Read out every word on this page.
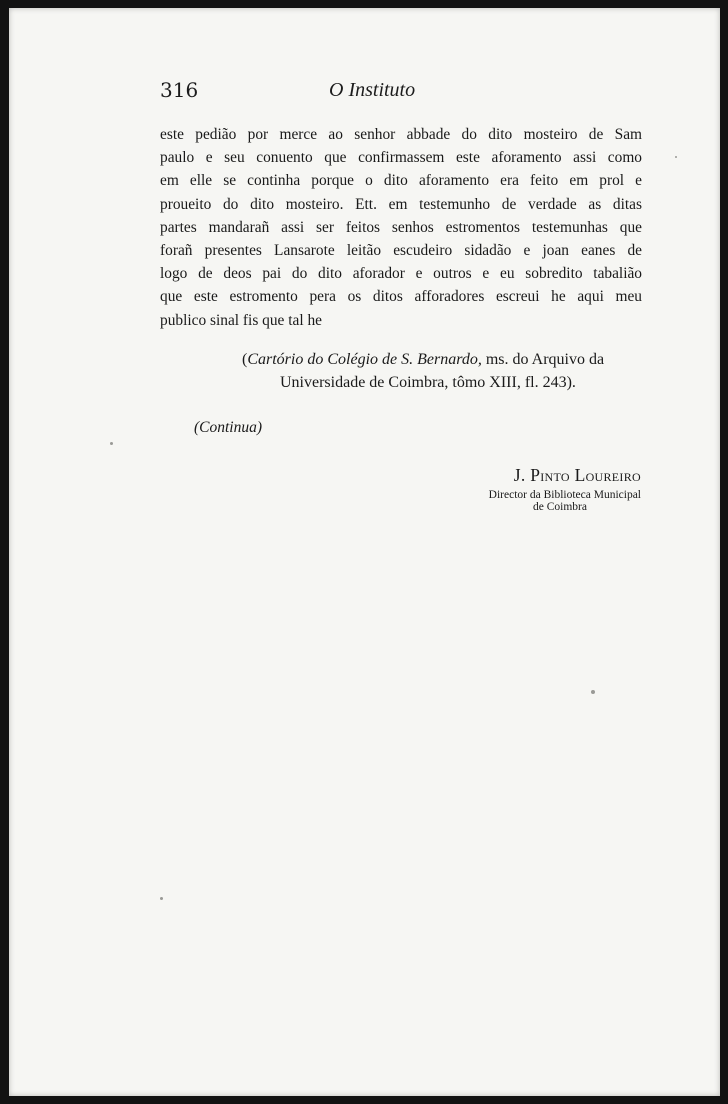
316	O Instituto
este pedião por merce ao senhor abbade do dito mosteiro de Sam
paulo e seu conuento que confirmassem este aforamento assi como
em elle se continha porque o dito aforamento era feito em prol e
proueito do dito mosteiro. Ett. em testemunho de verdade as ditas
partes mandarañ assi ser feitos senhos estromentos testemunhas que
forañ presentes Lansarote leitão escudeiro sidadão e joan eanes de
logo de deos pai do dito aforador e outros e eu sobredito tabalião
que este estromento pera os ditos afforadores escreui he aqui meu
publico sinal fis que tal he
(Cartório do Colégio de S. Bernardo, ms. do Arquivo da
Universidade de Coimbra, tômo XIII, fl. 243).
(Continua)
J. Pinto Loureiro
Director da Biblioteca Municipal
de Coimbra
